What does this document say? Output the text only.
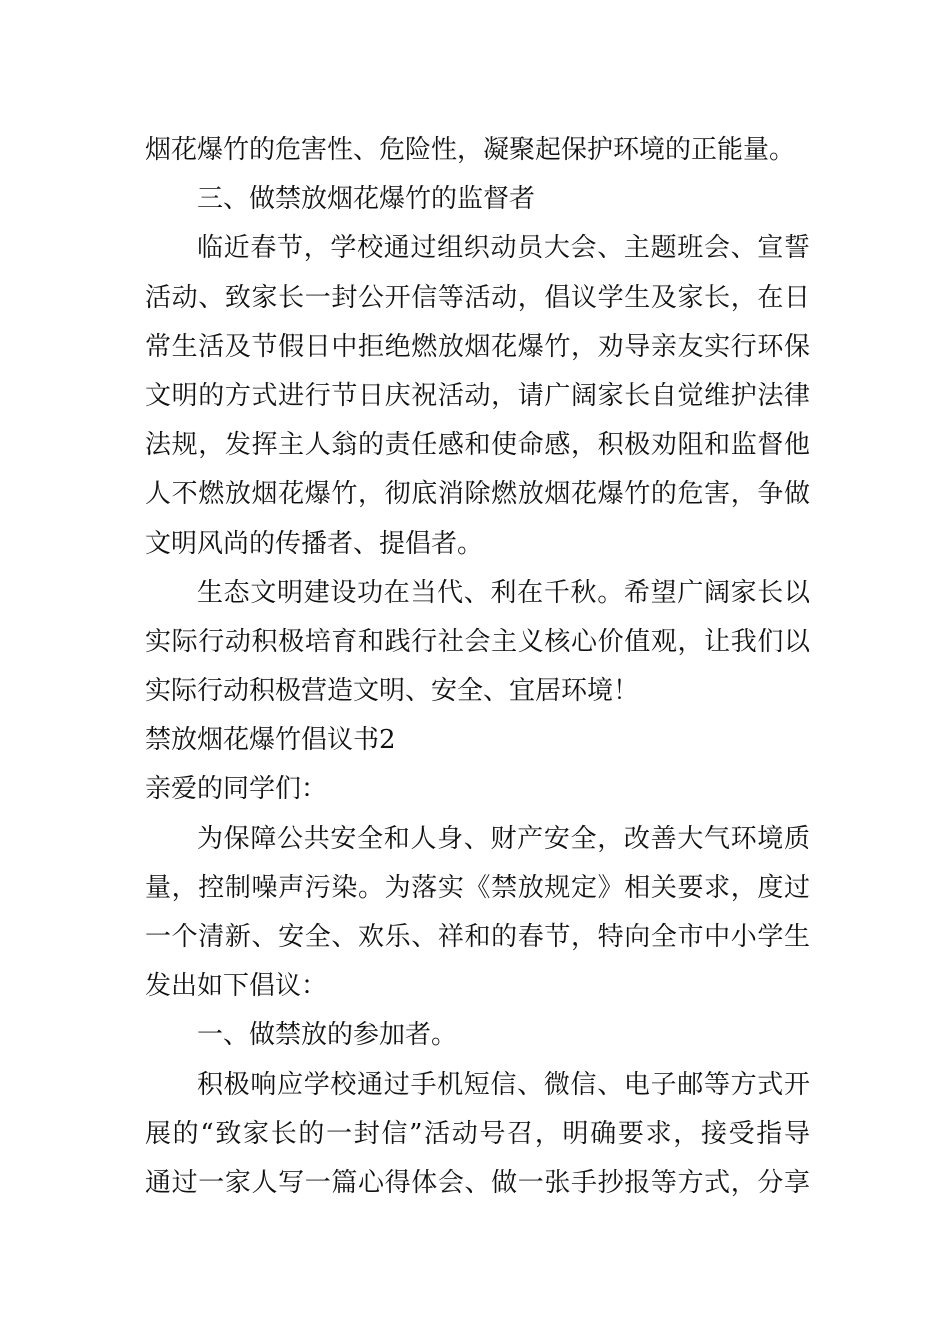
烟花爆竹的危害性、危险性，凝聚起保护环境的正能量。
三、做禁放烟花爆竹的监督者
临近春节，学校通过组织动员大会、主题班会、宣誓
活动、致家长一封公开信等活动，倡议学生及家长，在日
常生活及节假日中拒绝燃放烟花爆竹，劝导亲友实行环保
文明的方式进行节日庆祝活动，请广阔家长自觉维护法律
法规，发挥主人翁的责任感和使命感，积极劝阻和监督他
人不燃放烟花爆竹，彻底消除燃放烟花爆竹的危害，争做
文明风尚的传播者、提倡者。
生态文明建设功在当代、利在千秋。希望广阔家长以
实际行动积极培育和践行社会主义核心价值观，让我们以
实际行动积极营造文明、安全、宜居环境！
禁放烟花爆竹倡议书2
亲爱的同学们：
为保障公共安全和人身、财产安全，改善大气环境质
量，控制噪声污染。为落实《禁放规定》相关要求，度过
一个清新、安全、欢乐、祥和的春节，特向全市中小学生
发出如下倡议：
一、做禁放的参加者。
积极响应学校通过手机短信、微信、电子邮等方式开
展的“致家长的一封信”活动号召，明确要求，接受指导
通过一家人写一篇心得体会、做一张手抄报等方式，分享
